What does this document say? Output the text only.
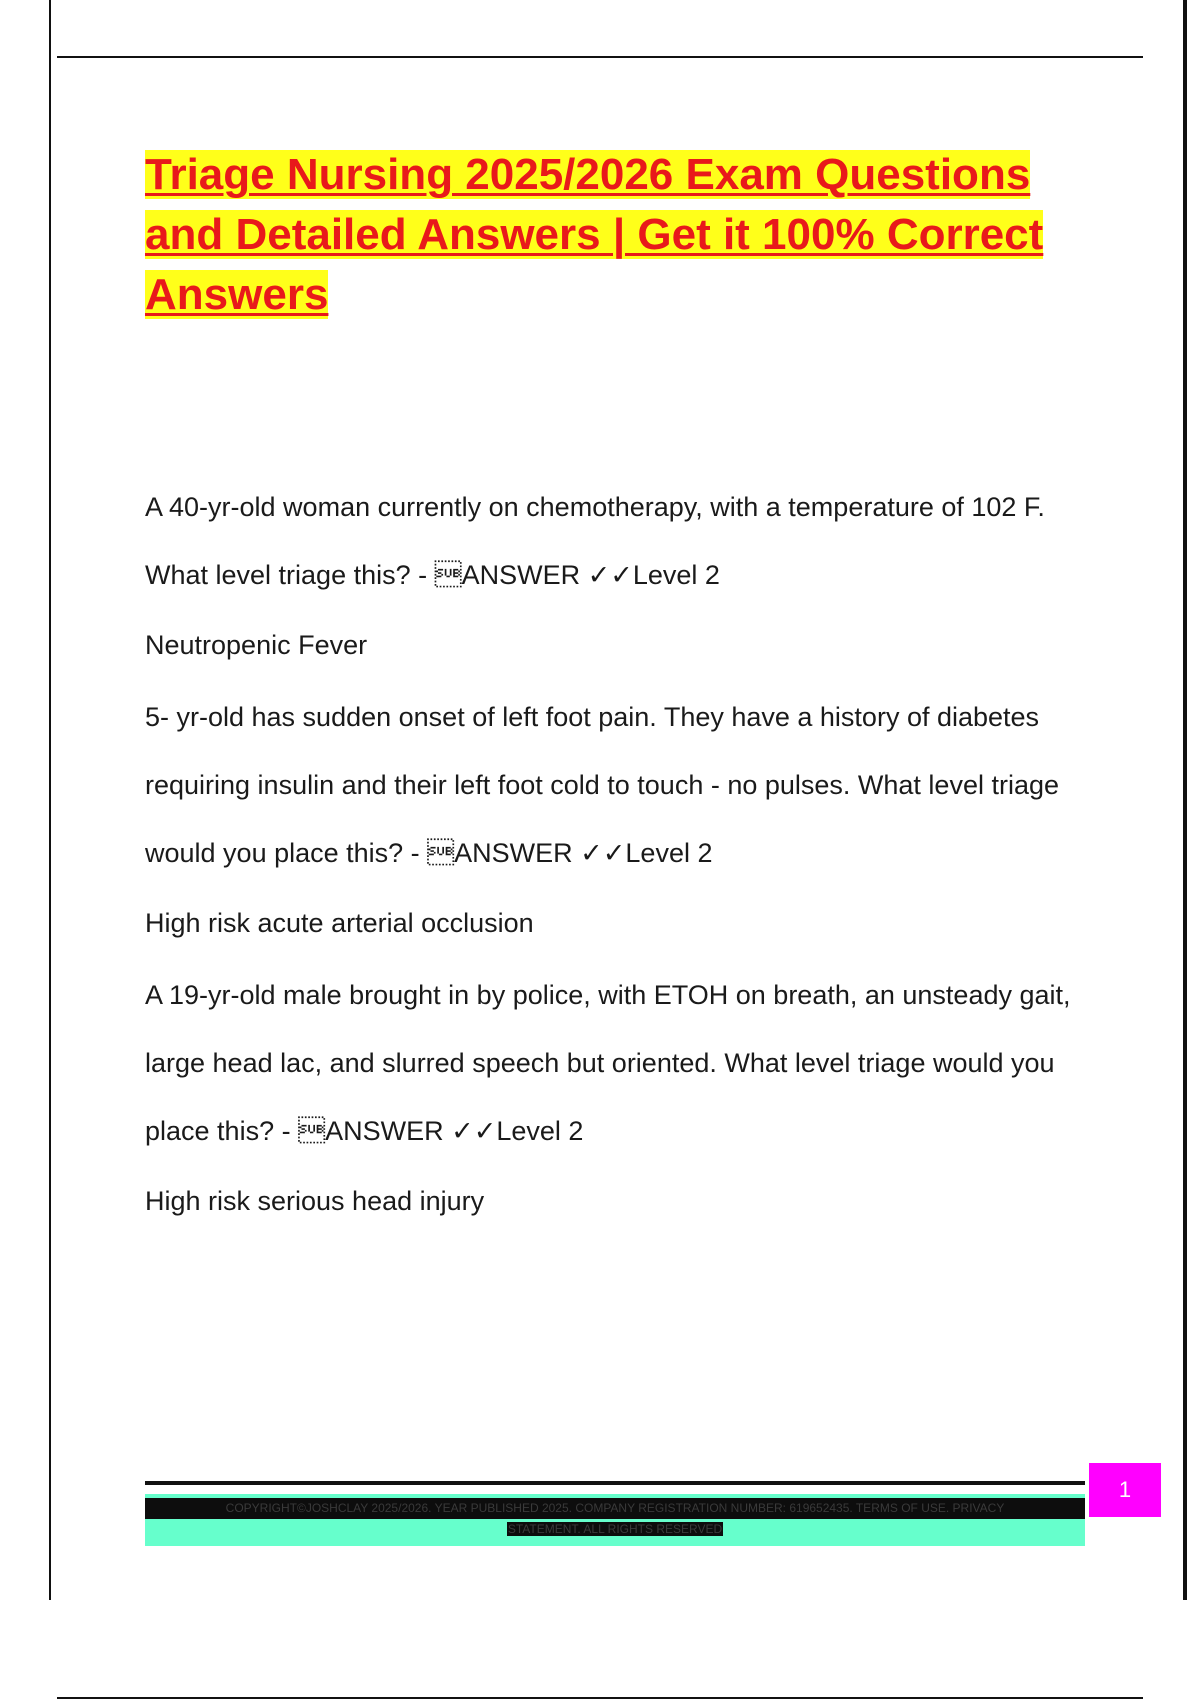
Triage Nursing 2025/2026 Exam Questions and Detailed Answers | Get it 100% Correct Answers

A 40-yr-old woman currently on chemotherapy, with a temperature of 102 F. What level triage this? - ANSWER ✓✓Level 2

Neutropenic Fever

5- yr-old has sudden onset of left foot pain. They have a history of diabetes requiring insulin and their left foot cold to touch - no pulses. What level triage would you place this? - ANSWER ✓✓Level 2

High risk acute arterial occlusion

A 19-yr-old male brought in by police, with ETOH on breath, an unsteady gait, large head lac, and slurred speech but oriented. What level triage would you place this? - ANSWER ✓✓Level 2

High risk serious head injury

COPYRIGHT©JOSHCLAY 2025/2026. YEAR PUBLISHED 2025. COMPANY REGISTRATION NUMBER: 619652435. TERMS OF USE. PRIVACY
STATEMENT. ALL RIGHTS RESERVED
1
